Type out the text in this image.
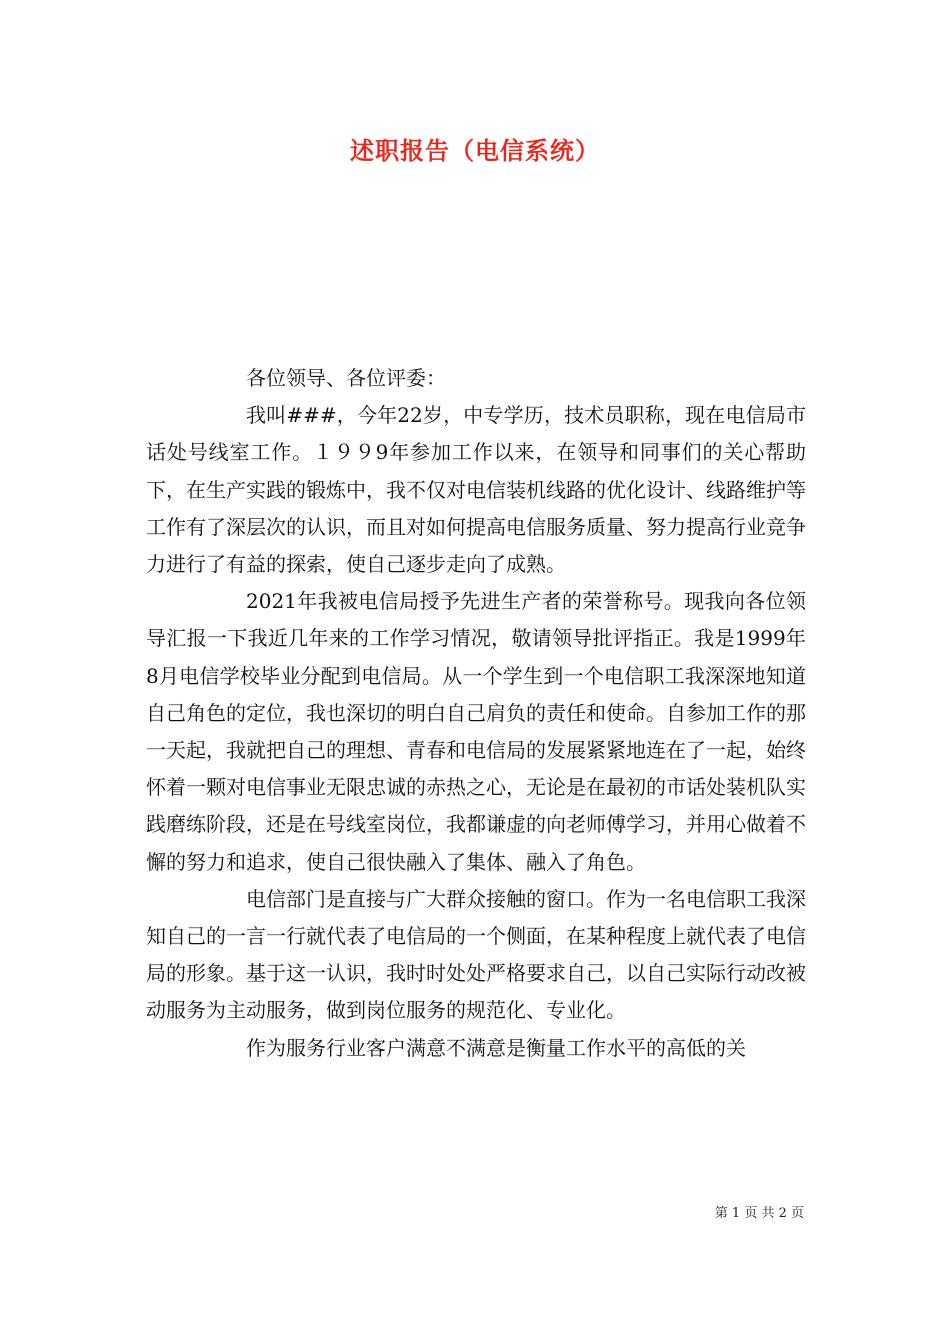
述职报告（电信系统）

各位领导、各位评委：

我叫###，今年22岁，中专学历，技术员职称，现在电信局市话处号线室工作。１９９9年参加工作以来，在领导和同事们的关心帮助下，在生产实践的锻炼中，我不仅对电信装机线路的优化设计、线路维护等工作有了深层次的认识，而且对如何提高电信服务质量、努力提高行业竞争力进行了有益的探索，使自己逐步走向了成熟。

2021年我被电信局授予先进生产者的荣誉称号。现我向各位领导汇报一下我近几年来的工作学习情况，敬请领导批评指正。我是1999年8月电信学校毕业分配到电信局。从一个学生到一个电信职工我深深地知道自己角色的定位，我也深切的明白自己肩负的责任和使命。自参加工作的那一天起，我就把自己的理想、青春和电信局的发展紧紧地连在了一起，始终怀着一颗对电信事业无限忠诚的赤热之心，无论是在最初的市话处装机队实践磨练阶段，还是在号线室岗位，我都谦虚的向老师傅学习，并用心做着不懈的努力和追求，使自己很快融入了集体、融入了角色。

电信部门是直接与广大群众接触的窗口。作为一名电信职工我深知自己的一言一行就代表了电信局的一个侧面，在某种程度上就代表了电信局的形象。基于这一认识，我时时处处严格要求自己，以自己实际行动改被动服务为主动服务，做到岗位服务的规范化、专业化。

作为服务行业客户满意不满意是衡量工作水平的高低的关

第 1 页 共 2 页
